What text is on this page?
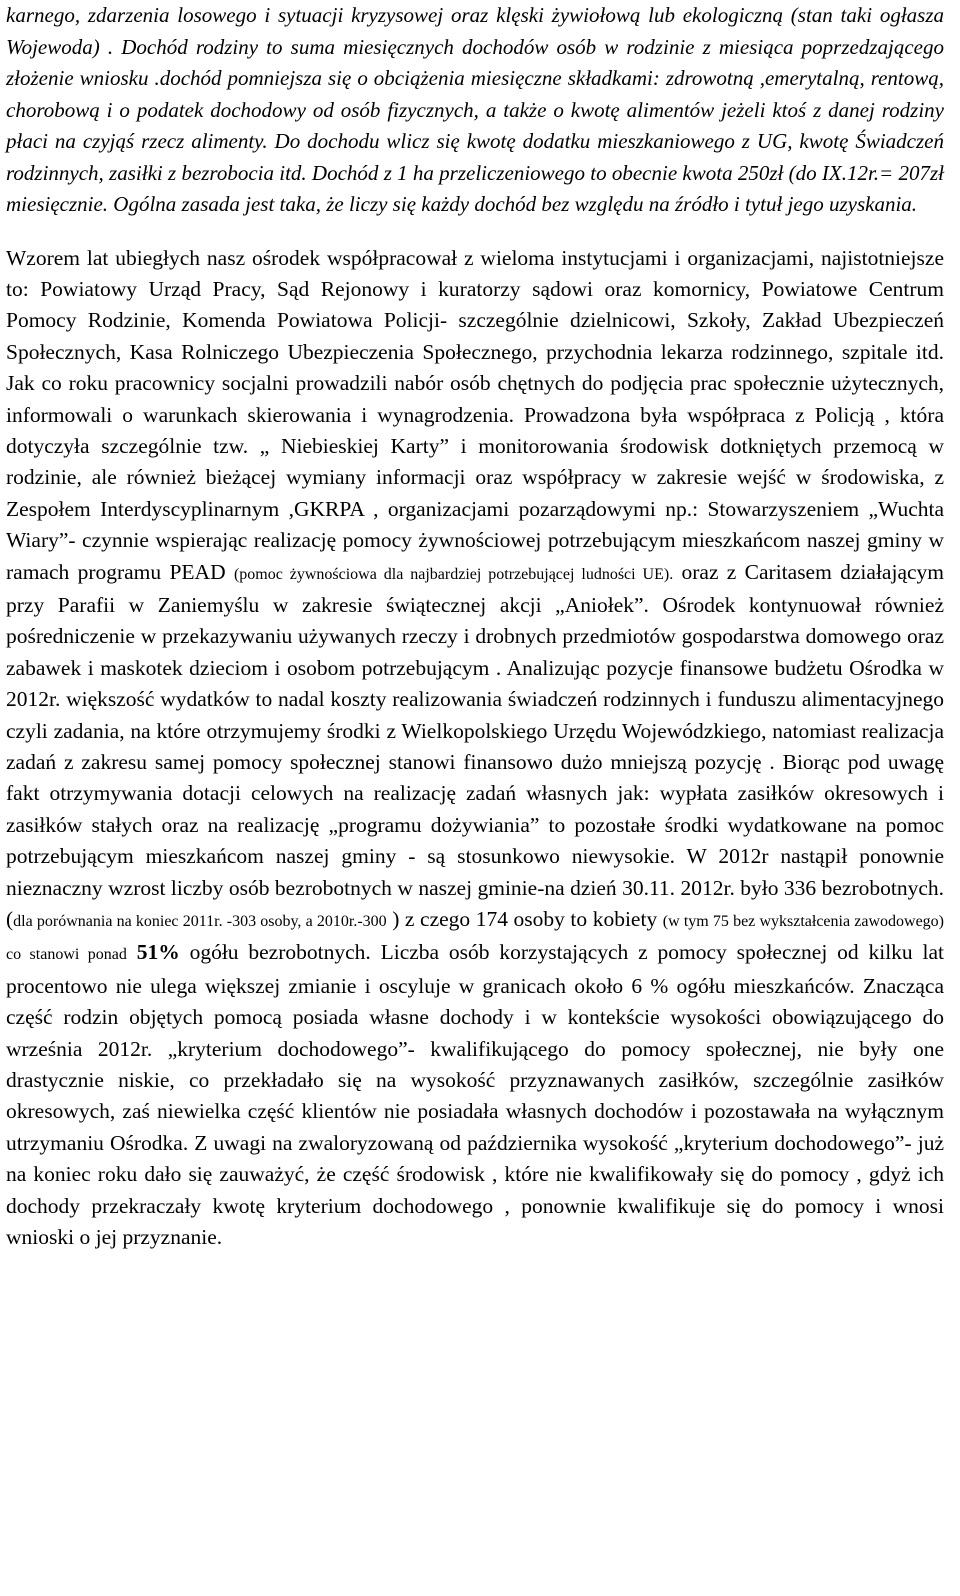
karnego, zdarzenia losowego i sytuacji kryzysowej oraz klęski żywiołową lub ekologiczną (stan taki ogłasza Wojewoda) . Dochód rodziny to suma miesięcznych dochodów osób w rodzinie z miesiąca poprzedzającego złożenie wniosku .dochód pomniejsza się o obciążenia miesięczne składkami: zdrowotną ,emerytalną, rentową, chorobową i o podatek dochodowy od osób fizycznych, a także o kwotę alimentów jeżeli ktoś z danej rodziny płaci na czyjąś rzecz alimenty. Do dochodu wlicz się kwotę dodatku mieszkaniowego z UG, kwotę Świadczeń rodzinnych, zasiłki z bezrobocia itd. Dochód z 1 ha przeliczeniowego to obecnie kwota 250zł (do IX.12r.= 207zł miesięcznie. Ogólna zasada jest taka, że liczy się każdy dochód bez względu na źródło i tytuł jego uzyskania.

Wzorem lat ubiegłych nasz ośrodek współpracował z wieloma instytucjami i organizacjami, najistotniejsze to: Powiatowy Urząd Pracy, Sąd Rejonowy i kuratorzy sądowi oraz komornicy, Powiatowe Centrum Pomocy Rodzinie, Komenda Powiatowa Policji- szczególnie dzielnicowi, Szkoły, Zakład Ubezpieczeń Społecznych, Kasa Rolniczego Ubezpieczenia Społecznego, przychodnia lekarza rodzinnego, szpitale itd. Jak co roku pracownicy socjalni prowadzili nabór osób chętnych do podjęcia prac społecznie użytecznych, informowali o warunkach skierowania i wynagrodzenia. Prowadzona była współpraca z Policją , która dotyczyła szczególnie tzw. „ Niebieskiej Karty” i monitorowania środowisk dotkniętych przemocą w rodzinie, ale również bieżącej wymiany informacji oraz współpracy w zakresie wejść w środowiska, z Zespołem Interdyscyplinarnym ,GKRPA , organizacjami pozarządowymi np.: Stowarzyszeniem „Wuchta Wiary”- czynnie wspierając realizację pomocy żywnościowej potrzebującym mieszkańcom naszej gminy w ramach programu PEAD (pomoc żywnościowa dla najbardziej potrzebującej ludności UE). oraz z Caritasem działającym przy Parafii w Zaniemyślu w zakresie świątecznej akcji „Aniołek”. Ośrodek kontynuował również pośredniczenie w przekazywaniu używanych rzeczy i drobnych przedmiotów gospodarstwa domowego oraz zabawek i maskotek dzieciom i osobom potrzebującym . Analizując pozycje finansowe budżetu Ośrodka w 2012r. większość wydatków to nadal koszty realizowania świadczeń rodzinnych i funduszu alimentacyjnego czyli zadania, na które otrzymujemy środki z Wielkopolskiego Urzędu Wojewódzkiego, natomiast realizacja zadań z zakresu samej pomocy społecznej stanowi finansowo dużo mniejszą pozycję . Biorąc pod uwagę fakt otrzymywania dotacji celowych na realizację zadań własnych jak: wypłata zasiłków okresowych i zasiłków stałych oraz na realizację „programu dożywiania” to pozostałe środki wydatkowane na pomoc potrzebującym mieszkańcom naszej gminy - są stosunkowo niewysokie. W 2012r nastąpił ponownie nieznaczny wzrost liczby osób bezrobotnych w naszej gminie-na dzień 30.11. 2012r. było 336 bezrobotnych. (dla porównania na koniec 2011r. -303 osoby, a 2010r.-300 ) z czego 174 osoby to kobiety (w tym 75 bez wykształcenia zawodowego) co stanowi ponad 51% ogółu bezrobotnych. Liczba osób korzystających z pomocy społecznej od kilku lat procentowo nie ulega większej zmianie i oscyluje w granicach około 6 % ogółu mieszkańców. Znacząca część rodzin objętych pomocą posiada własne dochody i w kontekście wysokości obowiązującego do września 2012r. „kryterium dochodowego”- kwalifikującego do pomocy społecznej, nie były one drastycznie niskie, co przekładało się na wysokość przyznawanych zasiłków, szczególnie zasiłków okresowych, zaś niewielka część klientów nie posiadała własnych dochodów i pozostawała na wyłącznym utrzymaniu Ośrodka. Z uwagi na zwaloryzowaną od października wysokość „kryterium dochodowego”- już na koniec roku dało się zauważyć, że część środowisk , które nie kwalifikowały się do pomocy , gdyż ich dochody przekraczały kwotę kryterium dochodowego , ponownie kwalifikuje się do pomocy i wnosi wnioski o jej przyznanie.
